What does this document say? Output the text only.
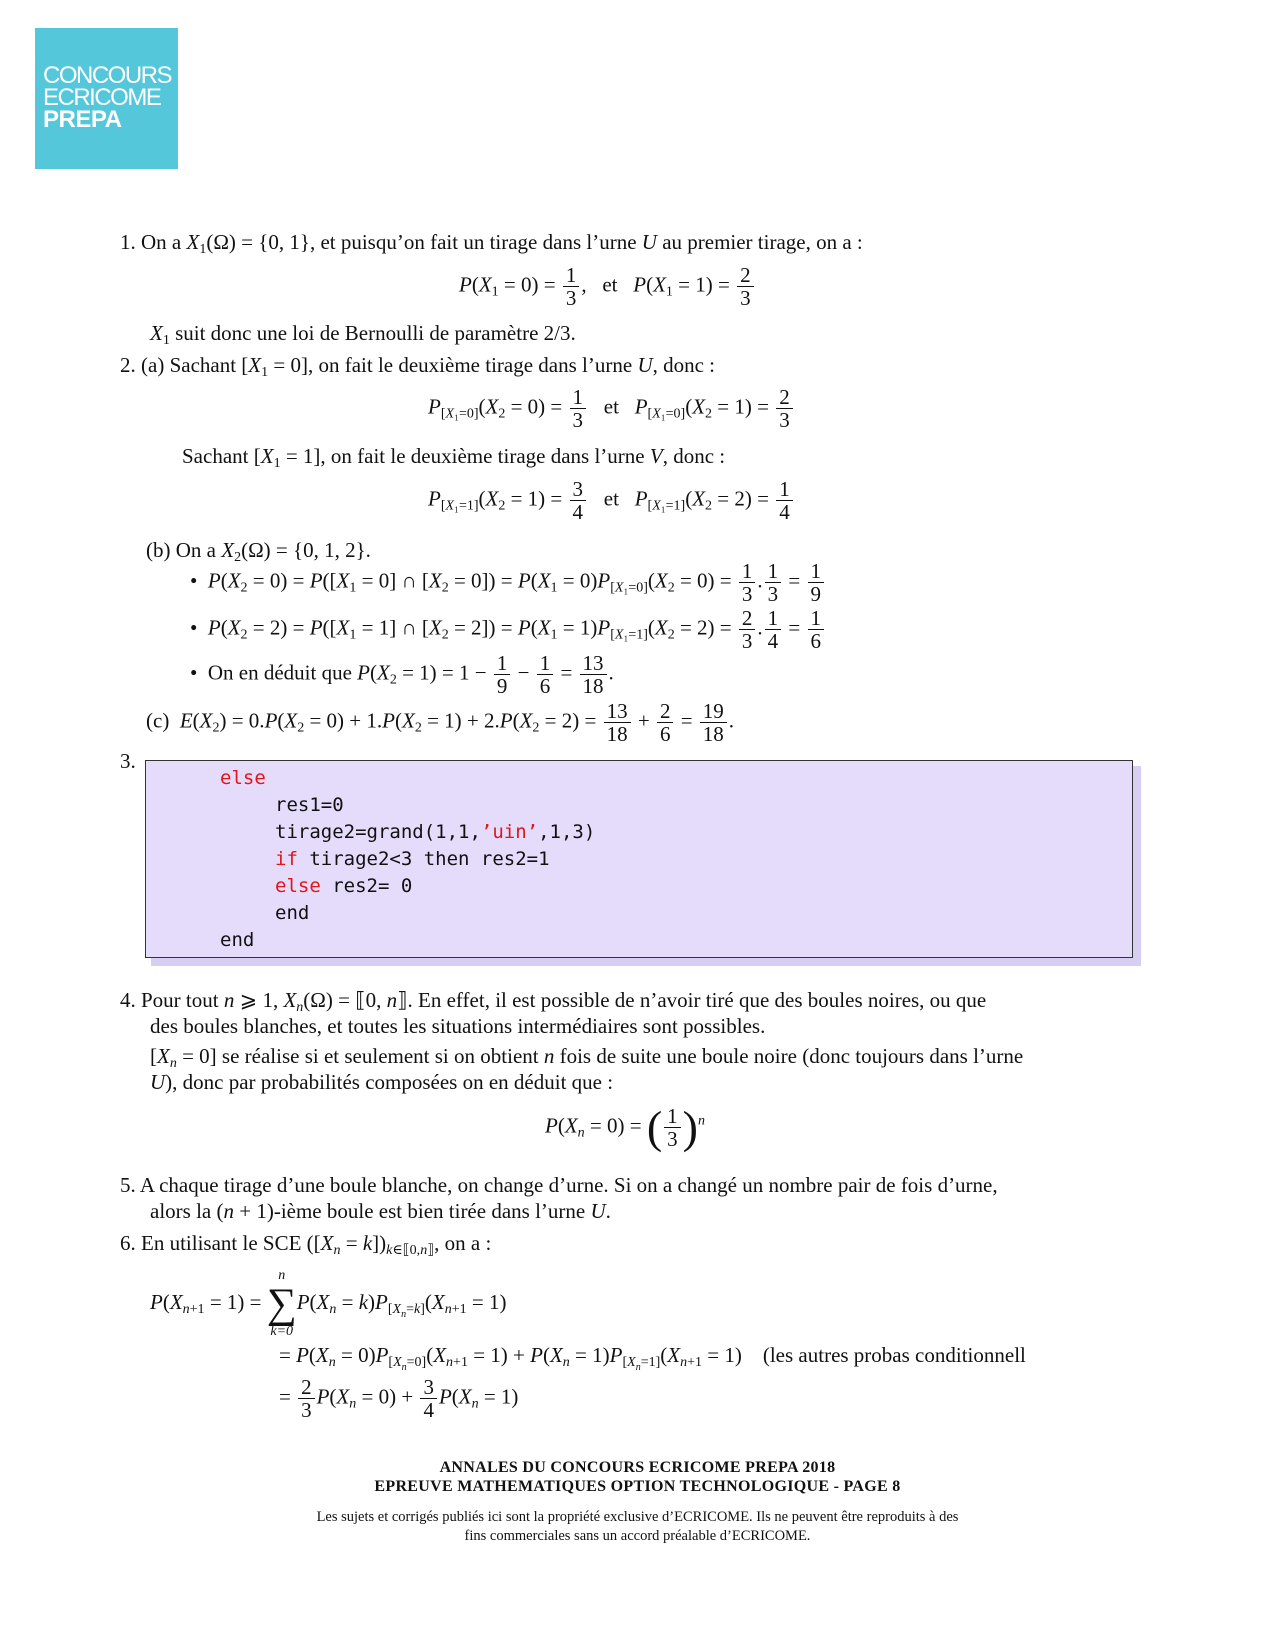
CONCOURS
ECRICOME
PREPA
1. On a $X_1(\Omega) = \{0$, 1}, et puisqu’on fait un tirage dans l’urne U au premier tirage, on a :
$P(X_1 = 0) = \frac{1}{3}$ ,   et $P(X_1 = 1) = \frac{2}{3}$
$X_1$ suit donc une loi de Bernoulli de paramètre 2/3.
2. (a) Sachant $[X_1 = 0]$, on fait le deuxième tirage dans l’urne U, donc :
$P_{[X_1=0]}(X_2 = 0) = \frac{1}{3}$ et $P_{[X_1=0]}(X_2 = 1) = \frac{2}{3}$
Sachant $[X_1 = 1]$, on fait le deuxième tirage dans l’urne V, donc :
$P_{[X_1=1]}(X_2 = 1) = \frac{3}{4}$ et $P_{[X_1=1]}(X_2 = 2) = \frac{1}{4}$
(b) On a $X_2(\Omega) = \{0$, 1, 2}.
•  $P(X_2 = 0) = P([X_1 = 0]$ ∩ $[X_2 = 0]) = P(X_1 = 0)P_{[X_1=0]}(X_2 = 0) = \frac{1}{3}$ . $\frac{1}{3} = \frac{1}{9}$
•  $P(X_2 = 2) = P([X_1 = 1]$ ∩ $[X_2 = 2]) = P(X_1 = 1)P_{[X_1=1]}(X_2 = 2) = \frac{2}{3}$ . $\frac{1}{4} = \frac{1}{6}$
•  On en déduit que $P(X_2 = 1) = 1 - \frac{1}{9} - \frac{1}{6} = \frac{13}{18}$ .
(c) $E(X_2) = 0.P(X_2 = 0) + 1.P(X_2 = 1) + 2.P(X_2 = 2) = \frac{13}{18} + \frac{2}{6} = \frac{19}{18}$ .
3.
else
res1=0
tirage2=grand(1,1,’uin’,1,3)
if tirage2<3 then res2=1
else res2= 0
end
end
4. Pour tout n ⩾ 1, $X_n(\Omega)$ = ⟦0, n⟧. En effet, il est possible de n’avoir tiré que des boules noires, ou que
des boules blanches, et toutes les situations intermédiaires sont possibles.
$[X_n = 0]$ se réalise si et seulement si on obtient n fois de suite une boule noire (donc toujours dans l’urne
U), donc par probabilités composées on en déduit que :
$P(X_n = 0)$ = ( $\frac{1}{3} )^n$
5. A chaque tirage d’une boule blanche, on change d’urne. Si on a changé un nombre pair de fois d’urne,
alors la (n + 1)-ième boule est bien tirée dans l’urne U.
6. En utilisant le SCE $([X_n = k])_{k\in⟦0,n⟧}$, on a :
$P(X_{n+1} = 1)$ =
n
∑
k=0
$P(X_n = k)P_{[X_n=k]}(X_{n+1} = 1)$
= $P(X_n = 0)P_{[X_n=0]}(X_{n+1} = 1) + P(X_n = 1)P_{[X_n=1]}(X_{n+1} = 1)$    (les autres probas conditionnell
= $\frac{2}{3} P(X_n = 0) + \frac{3}{4} P(X_n = 1)$
ANNALES DU CONCOURS ECRICOME PREPA 2018
EPREUVE MATHEMATIQUES OPTION TECHNOLOGIQUE - PAGE 8
Les sujets et corrigés publiés ici sont la propriété exclusive d’ECRICOME. Ils ne peuvent être reproduits à des
fins commerciales sans un accord préalable d’ECRICOME.
